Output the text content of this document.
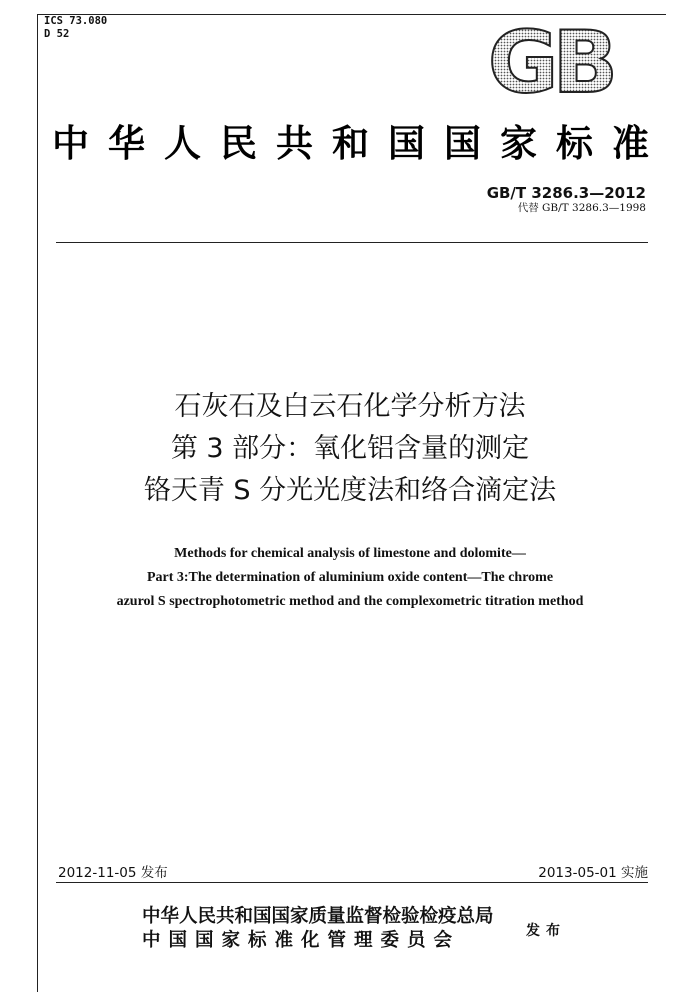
ICS 73.080
D 52	GB
中华人民共和国国家标准
GB/T 3286.3—2012
代替 GB/T 3286.3—1998
石灰石及白云石化学分析方法
第 3 部分：氧化铝含量的测定
铬天青 S 分光光度法和络合滴定法
Methods for chemical analysis of limestone and dolomite—
Part 3:The determination of aluminium oxide content—The chrome
azurol S spectrophotometric method and the complexometric titration method
2012-11-05 发布	2013-05-01 实施
中华人民共和国国家质量监督检验检疫总局
中国国家标准化管理委员会	发布
